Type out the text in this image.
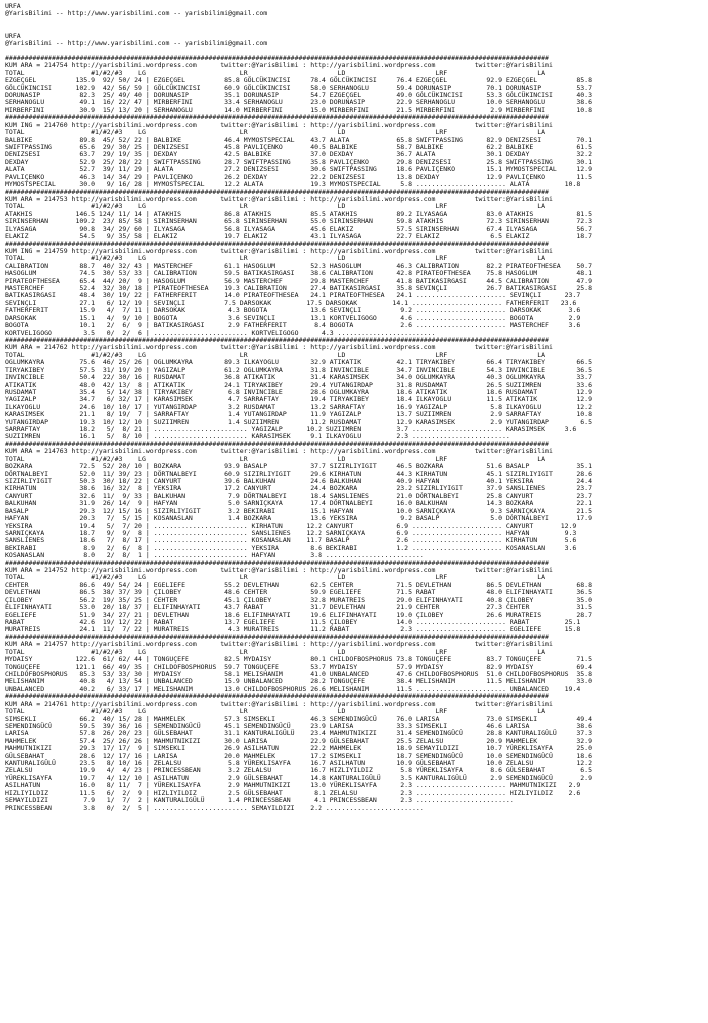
URFA
@YarisBilimi -- http://www.yarisbilimi.com -- yarisbilimi@gmail.com

URFA
@YarisBilimi -- http://www.yarisbilimi.com -- yarisbilimi@gmail.com

###########################################################################################################################################
KUM ARA = 214754 http://yarisbilimi.wordpress.com      twitter:@YarisBilimi : http://yarisbilimi.wordpress.com          twitter:@YarisBilimi
TOTAL                 #1/#2/#3    LG                        LR                       LD                       LRF                       LA
EZGEÇGEL          135.9  92/ 50/ 24 | EZGEÇGEL          85.8 GÖLCÜKINCISI     78.4 GÖLCÜKINCISI     76.4 EZGEÇGEL          92.9 EZGEÇGEL          85.8
GÖLCÜKINCISI      102.9  42/ 56/ 59 | GÖLCÜKINCISI      60.9 GÖLCÜKINCISI     58.0 SERHANOGLU       59.4 DORUNASIP         70.1 DORUNASIP         53.7
DORUNASIP          82.3  25/ 49/ 40 | DORUNASIP         35.1 DORUNASIP        54.7 EZGEÇGEL         49.0 GÖLCÜKINCISI      53.3 GÖLCÜKINCISI      40.3
SERHANOGLU         49.1  16/ 22/ 47 | MIRBERFINI        33.4 SERHANOGLU       23.0 DORUNASIP        22.9 SERHANOGLU        10.0 SERHANOGLU        38.6
MIRBERFINI         30.9  15/ 13/ 20 | SERHANOGLU        14.0 MIRBERFINI       15.0 MIRBERFINI       21.5 MIRBERFINI         2.9 MIRBERFINI        10.8
###########################################################################################################################################
KUM ING = 214760 http://yarisbilimi.wordpress.com      twitter:@YarisBilimi : http://yarisbilimi.wordpress.com          twitter:@YarisBilimi
TOTAL                 #1/#2/#3    LG                        LR                       LD                       LRF                       LA
BALBIKE            89.8  45/ 52/ 22 | BALBIKE           46.4 MYMOSTSPECIAL    43.7 ALATA            65.8 SWIFTPASSING      82.9 DENIZSESI         70.1
SWIFTPASSING       65.6  29/ 30/ 25 | DENIZSESI         45.8 PAVLIÇENKO       40.5 BALBIKE          58.7 BALBIKE           62.2 BALBIKE           61.5
DENIZSESI          63.7  29/ 19/ 35 | DEXDAY            42.5 BALBIKE          37.0 DEXDAY           36.7 ALATA             30.1 DEXDAY            32.2
DEXDAY             52.9  25/ 28/ 22 | SWIFTPASSING      28.7 SWIFTPASSING     35.8 PAVLIÇENKO       29.8 DENIZSESI         25.8 SWIFTPASSING      30.1
ALATA              52.7  39/ 11/ 29 | ALATA             27.2 DENIZSESI        30.6 SWIFTPASSING     18.6 PAVLIÇENKO        15.1 MYMOSTSPECIAL     12.9
PAVLIÇENKO         46.3  14/ 34/ 29 | PAVLIÇENKO        26.2 DEXDAY           22.2 DENIZSESI        13.8 DEXDAY            12.9 PAVLIÇENKO        11.5
MYMOSTSPECIAL      30.0   9/ 16/ 28 | MYMOSTSPECIAL     12.2 ALATA            19.3 MYMOSTSPECIAL     5.8 ....................... ALATA         10.8
###########################################################################################################################################
KUM ARA = 214753 http://yarisbilimi.wordpress.com      twitter:@YarisBilimi : http://yarisbilimi.wordpress.com          twitter:@YarisBilimi
TOTAL                 #1/#2/#3    LG                        LR                       LD                       LRF                       LA
ATAKHIS           146.5 124/ 11/ 14 | ATAKHIS           86.8 ATAKHIS          85.5 ATAKHIS          89.2 ILYASAGA          83.0 ATAKHIS           81.5
SIRINSERHAN       109.2  23/ 85/ 58 | SIRINSERHAN       65.8 SIRINSERHAN      55.0 SIRINSERHAN      59.8 ATAKHIS           72.3 SIRINSERHAN       72.3
ILYASAGA           90.8  34/ 29/ 60 | ILYASAGA          56.8 ILYASAGA         45.6 ELAKIZ           57.5 SIRINSERHAN       67.4 ILYASAGA          56.7
ELAKIZ             54.5   9/ 35/ 58 | ELAKIZ            19.7 ELAKIZ           43.1 ILYASAGA         22.7 ELAKIZ             6.5 ELAKIZ            18.7
###########################################################################################################################################
KUM ING = 214759 http://yarisbilimi.wordpress.com      twitter:@YarisBilimi : http://yarisbilimi.wordpress.com          twitter:@YarisBilimi
TOTAL                 #1/#2/#3    LG                        LR                       LD                       LRF                       LA
CALIBRATION        88.7  40/ 32/ 43 | MASTERCHEF        61.1 HASOGLUM         52.3 HASOGLUM         46.3 CALIBRATION       82.2 PIRATEOFTHESEA    50.7
HASOGLUM           74.5  30/ 53/ 33 | CALIBRATION       59.5 BATIKASIRGASI    38.6 CALIBRATION      42.8 PIRATEOFTHESEA    75.8 HASOGLUM          48.1
PIRATEOFTHESEA     65.4  44/ 20/  9 | HASOGLUM          56.9 MASTERCHEF       29.8 MASTERCHEF       41.8 BATIKASIRGASI     44.5 CALIBRATION       47.9
MASTERCHEF         52.4  32/ 30/ 18 | PIRATEOFTHESEA    19.3 CALIBRATION      27.4 BATIKASIRGASI    35.8 SEVINÇLI          26.7 BATIKASIRGASI     25.8
BATIKASIRGASI      48.4  30/ 19/ 22 | FATHERFERIT       14.0 PIRATEOFTHESEA   24.1 PIRATEOFTHESEA   24.1 ....................... SEVINÇLI      23.7
SEVINÇLI           27.1   6/ 12/ 19 | SEVINÇLI          7.5 DARSOKAK         17.5 DARSOKAK         14.1 ....................... FATHERFERIT   23.6
FATHERFERIT        15.9   4/  7/ 11 | DARSOKAK           4.3 BOGOTA           13.6 SEVINÇLI          9.2 ....................... DARSOKAK       3.6
DARSOKAK           15.1   4/  9/ 10 | BOGOTA             3.6 SEVINÇLI         13.1 KORTVELIGOGO      4.6 ....................... BOGOTA         2.9
BOGOTA             10.1   2/  6/  9 | BATIKASIRGASI      2.9 FATHERFERIT       8.4 BOGOTA            2.6 ....................... MASTERCHEF     3.6
KORTVELIGOGO        3.5   0/  2/  6 | ........................ KORTVELIGOGO      4.3 .........................
###########################################################################################################################################
KUM ARA = 214762 http://yarisbilimi.wordpress.com      twitter:@YarisBilimi : http://yarisbilimi.wordpress.com          twitter:@YarisBilimi
TOTAL                 #1/#2/#3    LG                        LR                       LD                       LRF                       LA
OGLUMKAYRA         75.6  46/ 25/ 26 | OGLUMKAYRA        89.3 ILKAYOGLU        32.9 ATIKATIK         42.1 TIRYAKIBEY        66.4 TIRYAKIBEY        66.5
TIRYAKIBEY         57.5  31/ 19/ 20 | YAGIZALP          61.2 OGLUMKAYRA       31.8 INVINCIBLE       34.7 INVINCIBLE        54.3 INVINCIBLE        36.5
INVINCIBLE         50.4  22/ 30/ 16 | RUSDAMAT          36.8 ATIKATIK         31.4 KARASIMSEK       34.0 OGLUMKAYRA        40.3 OGLUMKAYRA        33.7
ATIKATIK           48.0  42/ 13/  8 | ATIKATIK          24.1 TIRYAKIBEY       29.4 YUTANGIRDAP      31.8 RUSDAMAT          26.5 SUZIIMREN         33.6
RUSDAMAT           35.4   5/ 14/ 38 | TIRYAKIBEY         6.8 INVINCIBLE       28.6 OGLUMKAYRA       18.6 ATIKATIK          18.6 RUSDAMAT          12.9
YAGIZALP           34.7   6/ 32/ 17 | KARASIMSEK         4.7 SARRAFTAY        19.4 TIRYAKIBEY       18.4 ILKAYOGLU         11.5 ATIKATIK          12.9
ILKAYOGLU          24.6  10/ 10/ 17 | YUTANGIRDAP        3.2 RUSDAMAT         13.2 SARRAFTAY        16.9 YAGIZALP           5.8 ILKAYOGLU         12.2
KARASIMSEK         21.1   8/ 19/  7 | SARRAFTAY          1.4 YUTANGIRDAP      11.9 YAGIZALP         13.7 SUZIIMREN          2.9 SARRAFTAY         10.8
YUTANGIRDAP        19.3  10/ 12/ 10 | SUZIIMREN          1.4 SUZIIMREN        11.2 RUSDAMAT         12.9 KARASIMSEK         2.9 YUTANGIRDAP        6.5
SARRAFTAY          18.2   5/  8/ 21 | ........................ YAGIZALP      10.2 SUZIIMREN         3.7 ....................... KARASIMSEK     3.6
SUZIIMREN          16.1   5/  8/ 10 | ........................ KARASIMSEK     9.1 ILKAYOGLU         2.3 .........................
###########################################################################################################################################
KUM ARA = 214763 http://yarisbilimi.wordpress.com      twitter:@YarisBilimi : http://yarisbilimi.wordpress.com          twitter:@YarisBilimi
TOTAL                 #1/#2/#3    LG                        LR                       LD                       LRF                       LA
BOZKARA            72.5  52/ 20/ 10 | BOZKARA           93.9 BASALP           37.7 SIZIRLIYIGIT     46.5 BOZKARA           51.6 BASALP            35.1
DÖRTNALBEYI        52.0  11/ 39/ 23 | DÖRTNALBEYI       60.9 SIZIRLIYIGIT     29.6 KIRHATUN         44.3 KIRHATUN          45.1 SIZIRLIYIGIT      28.6
SIZIRLIYIGIT       50.3  30/ 18/ 22 | CANYURT           39.6 BALKUHAN         24.6 BALKUHAN         40.9 HAFYAN            40.1 YEKSIRA           24.4
KIRHATUN           38.6  16/ 32/  8 | YEKSIRA           17.2 CANYURT          24.4 BOZKARA          23.2 SIZIRLIYIGIT      37.9 SANSLIENES        23.7
CANYURT            32.6  11/  9/ 33 | BALKUHAN           7.9 DÖRTNALBEYI      18.4 SANSLIENES       21.0 DÖRTNALBEYI       25.8 CANYURT           23.7
BALKUHAN           31.9  26/ 14/  9 | HAFYAN             5.0 SARNIÇKAYA       17.4 DÖRTNALBEYI      16.0 BALKUHAN          14.3 BOZKARA           22.1
BASALP             29.3  12/ 15/ 16 | SIZIRLIYIGIT       3.2 BEKIRABI         15.1 HAFYAN           10.0 SARNIÇKAYA         9.3 SARNIÇKAYA        21.5
HAFYAN             20.3   7/  5/ 15 | KOSANASLAN         1.4 BOZKARA          13.6 YEKSIRA           9.2 BASALP             5.0 DÖRTNALBEYI       17.9
YEKSIRA            19.4   5/  7/ 20 | ........................ KIRHATUN      12.2 CANYURT           6.9 ....................... CANYURT       12.9
SARNIÇKAYA         18.7   9/  9/  8 | ........................ SANSLIENES    12.2 SARNIÇKAYA        6.9 ....................... HAFYAN         9.3
SANSLIENES         18.6   7/  8/ 17 | ........................ KOSANASLAN    11.7 BASALP            2.6 ....................... KIRHATUN       5.6
BEKIRABI            8.9   2/  6/  8 | ........................ YEKSIRA        8.6 BEKIRABI          1.2 ....................... KOSANASLAN     3.6
KOSANASLAN          8.0   2/  8/  1 | ........................ HAFYAN         3.8 .........................
###########################################################################################################################################
KUM ARA = 214752 http://yarisbilimi.wordpress.com      twitter:@YarisBilimi : http://yarisbilimi.wordpress.com          twitter:@YarisBilimi
TOTAL                 #1/#2/#3    LG                        LR                       LD                       LRF                       LA
CEHTER             86.6  49/ 54/ 24 | EGELIEFE          55.2 DEVLETHAN        62.5 CEHTER           71.5 DEVLETHAN         86.5 DEVLETHAN         68.8
DEVLETHAN          86.5  38/ 37/ 39 | ÇILOBEY           48.6 CEHTER           59.9 EGELIEFE         71.5 RABAT             48.0 ELIFINHAYATI      36.5
ÇILOBEY            56.2  19/ 35/ 25 | CEHTER            45.1 ÇILOBEY          32.8 MURATREIS        29.0 ELIFINHAYATI      40.8 ÇILOBEY           35.0
ELIFINHAYATI       53.0  20/ 18/ 37 | ELIFINHAYATI      43.7 RABAT            31.7 DEVLETHAN        21.9 CEHTER            27.3 CEHTER            31.5
EGELIEFE           51.9  34/ 27/ 21 | DEVLETHAN         18.6 ELIFINHAYATI     19.6 ELIFINHAYATI     19.0 ÇILOBEY           26.6 MURATREIS         28.7
RABAT              42.6  19/ 12/ 22 | RABAT             13.7 EGELIEFE         11.5 ÇILOBEY          14.0 ....................... RABAT         25.1
MURATREIS          24.1  11/  7/ 22 | MURATREIS          4.3 MURATREIS        11.2 RABAT             2.3 ....................... EGELIEFE      15.8
###########################################################################################################################################
KUM ARA = 214757 http://yarisbilimi.wordpress.com      twitter:@YarisBilimi : http://yarisbilimi.wordpress.com          twitter:@YarisBilimi
TOTAL                 #1/#2/#3    LG                        LR                       LD                       LRF                       LA
MYDAISY           122.6  61/ 62/ 44 | TONGUÇEFE         82.5 MYDAISY          80.1 CHILDOFBOSPHORUS 73.8 TONGUÇEFE         83.7 TONGUÇEFE         71.5
TONGUÇEFE         121.1  66/ 49/ 35 | CHILDOFBOSPHORUS  59.7 TONGUÇEFE        53.7 MYDAISY          57.9 MYDAISY           82.9 MYDAISY           69.4
CHILDOFBOSPHORUS   85.3  53/ 33/ 30 | MYDAISY           58.1 MELISHANIM       41.0 UNBALANCED       47.6 CHILDOFBOSPHORUS  51.0 CHILDOFBOSPHORUS  35.8
MELISHANIM         40.8   4/ 13/ 54 | UNBALANCED        15.9 UNBALANCED       28.2 TONGUÇEFE        38.4 MELISHANIM        11.5 MELISHANIM        33.0
UNBALANCED         40.2   6/ 33/ 17 | MELISHANIM        13.0 CHILDOFBOSPHORUS 26.6 MELISHANIM       11.5 ....................... UNBALANCED    19.4
###########################################################################################################################################
KUM ARA = 214761 http://yarisbilimi.wordpress.com      twitter:@YarisBilimi : http://yarisbilimi.wordpress.com          twitter:@YarisBilimi
TOTAL                 #1/#2/#3    LG                        LR                       LD                       LRF                       LA
SIMSEKLI           66.2  40/ 15/ 28 | MAHMELEK          57.3 SIMSEKLI         46.3 SEMENDINGÜCÜ     76.0 LARISA            73.0 SIMSEKLI          49.4
SEMENDINGÜCÜ       59.5  39/ 36/ 16 | SEMENDINGÜCÜ      45.1 SEMENDINGÜCÜ     23.9 LARISA           33.3 SIMSEKLI          46.6 LARISA            38.6
LARISA             57.8  26/ 20/ 23 | GÜLSEBAHAT        31.1 KANTURALIGÜLÜ    23.4 MAHMUTNIKIZI     31.4 SEMENDINGÜCÜ      28.8 KANTURALIGÜLÜ     37.3
MAHMELEK           57.4  25/ 26/ 26 | MAHMUTNIKIZI      30.0 LARISA           22.9 GÜLSEBAHAT       25.5 ZELALSU           20.9 MAHMELEK          32.9
MAHMUTNIKIZI       29.3  17/ 17/  9 | SIMSEKLI          26.9 ASILHATUN        22.2 MAHMELEK         18.9 SEMAYILDIZI       10.7 YÜREKLISAYFA      25.0
GÜLSEBAHAT         28.6  12/ 17/ 16 | LARISA            20.0 MAHMELEK         17.2 SIMSEKLI         18.7 SEMENDINGÜCÜ      10.0 SEMENDINGÜCÜ      18.6
KANTURALIGÜLÜ      23.5   8/ 10/ 16 | ZELALSU            5.8 YÜREKLISAYFA     16.7 ASILHATUN        10.9 GÜLSEBAHAT        10.0 ZELALSU           12.2
ZELALSU            19.9   4/  4/ 23 | PRINCESSBEAN       3.2 ZELALSU          16.7 HIZLIYILDIZ       5.8 YÜREKLISAYFA       8.6 GÜLSEBAHAT         6.5
YÜREKLISAYFA       19.7   4/ 12/ 10 | ASILHATUN          2.9 GÜLSEBAHAT       14.8 KANTURALIGÜLÜ     3.5 KANTURALIGÜLÜ      2.9 SEMENDINGÜCÜ       2.9
ASILHATUN          16.0   8/ 11/  7 | YÜREKLISAYFA       2.9 MAHMUTNIKIZI     13.0 YÜREKLISAYFA      2.3 ....................... MAHMUTNIKIZI   2.9
HIZLIYILDIZ        11.5   6/  2/  9 | HIZLIYILDIZ        2.5 GÜLSEBAHAT        8.1 ZELALSU           2.3 ....................... HIZLIYILDIZ    2.6
SEMAYILDIZI         7.9   1/  7/  2 | KANTURALIGÜLÜ      1.4 PRINCESSBEAN      4.1 PRINCESSBEAN      2.3 .........................
PRINCESSBEAN        3.8   0/  2/  5 | ........................ SEMAYILDIZI    2.2 .........................
